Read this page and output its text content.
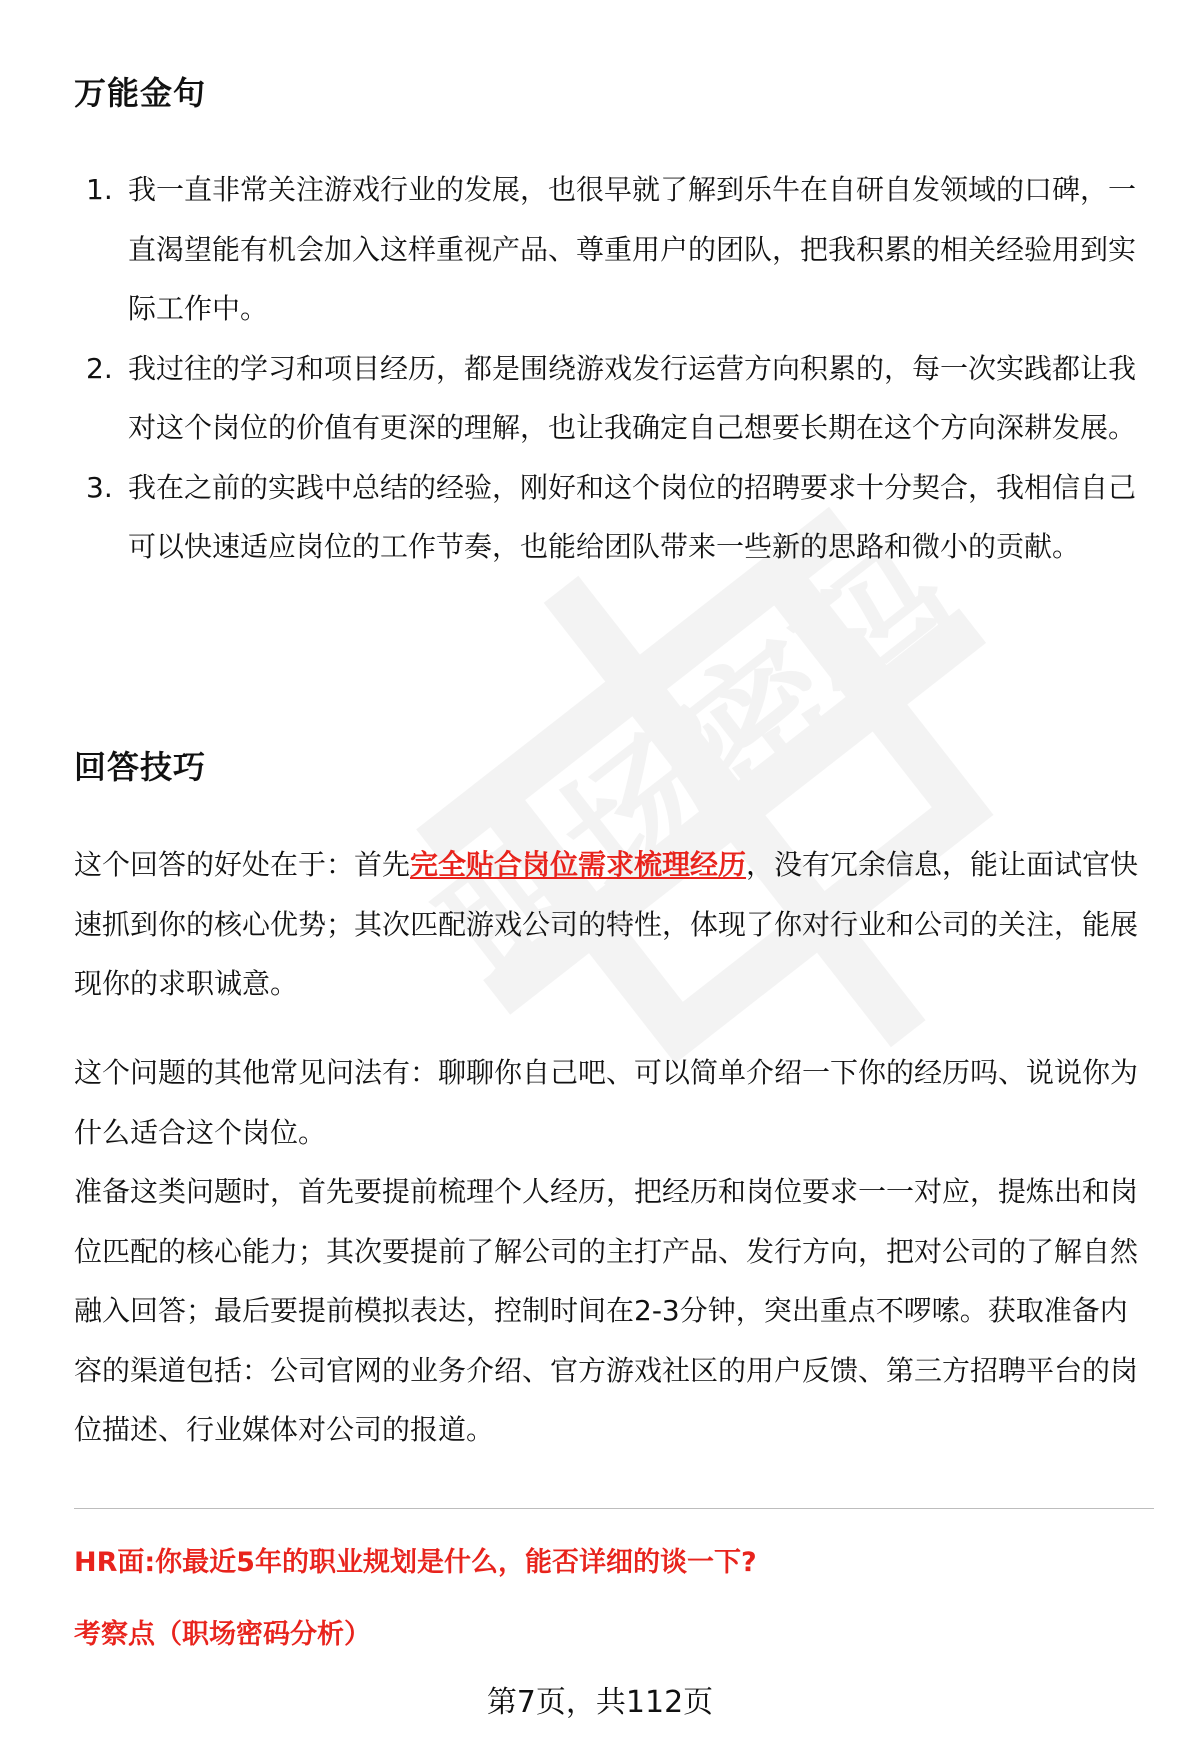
万能金句
1. 我一直非常关注游戏行业的发展，也很早就了解到乐牛在自研自发领域的口碑，一直渴望能有机会加入这样重视产品、尊重用户的团队，把我积累的相关经验用到实际工作中。
2. 我过往的学习和项目经历，都是围绕游戏发行运营方向积累的，每一次实践都让我对这个岗位的价值有更深的理解，也让我确定自己想要长期在这个方向深耕发展。
3. 我在之前的实践中总结的经验，刚好和这个岗位的招聘要求十分契合，我相信自己可以快速适应岗位的工作节奏，也能给团队带来一些新的思路和微小的贡献。
回答技巧

这个回答的好处在于：首先完全贴合岗位需求梳理经历，没有冗余信息，能让面试官快速抓到你的核心优势；其次匹配游戏公司的特性，体现了你对行业和公司的关注，能展现你的求职诚意。

这个问题的其他常见问法有：聊聊你自己吧、可以简单介绍一下你的经历吗、说说你为什么适合这个岗位。

准备这类问题时，首先要提前梳理个人经历，把经历和岗位要求一一对应，提炼出和岗位匹配的核心能力；其次要提前了解公司的主打产品、发行方向，把对公司的了解自然融入回答；最后要提前模拟表达，控制时间在2-3分钟，突出重点不啰嗦。获取准备内容的渠道包括：公司官网的业务介绍、官方游戏社区的用户反馈、第三方招聘平台的岗位描述、行业媒体对公司的报道。

HR面:你最近5年的职业规划是什么，能否详细的谈一下?
考察点（职场密码分析）
第7页，共112页
